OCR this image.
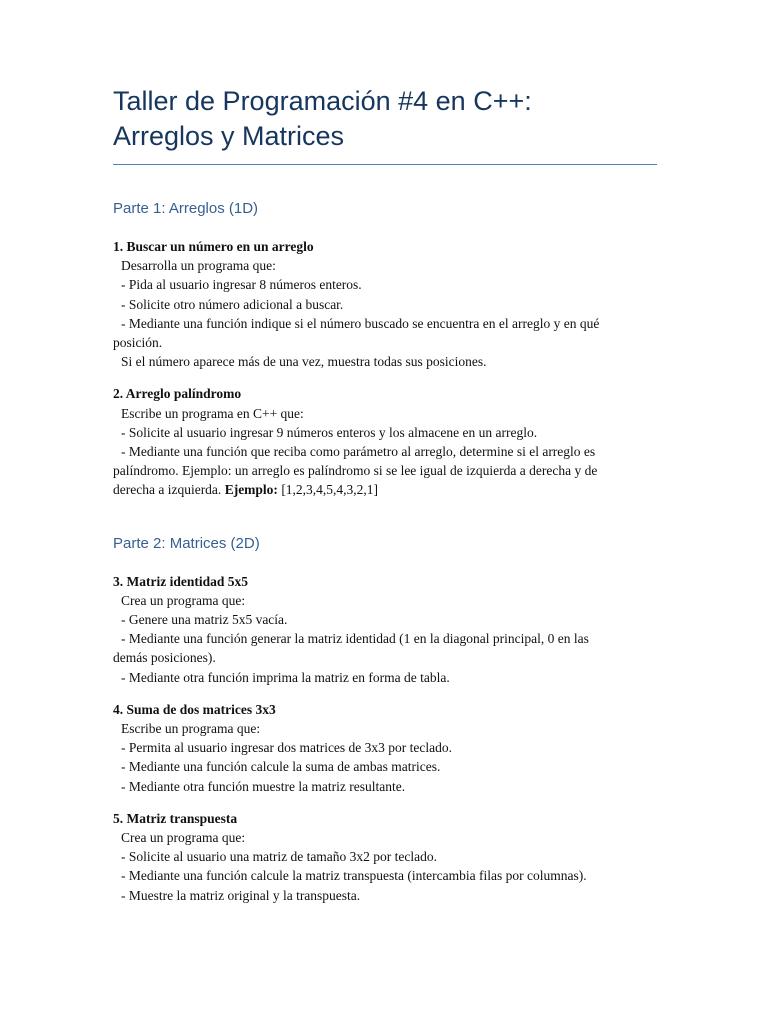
Taller de Programación #4 en C++:
Arreglos y Matrices
Parte 1: Arreglos (1D)
1. Buscar un número en un arreglo
Desarrolla un programa que:
- Pida al usuario ingresar 8 números enteros.
- Solicite otro número adicional a buscar.
- Mediante una función indique si el número buscado se encuentra en el arreglo y en qué
posición.
Si el número aparece más de una vez, muestra todas sus posiciones.
2. Arreglo palíndromo
Escribe un programa en C++ que:
- Solicite al usuario ingresar 9 números enteros y los almacene en un arreglo.
- Mediante una función que reciba como parámetro al arreglo, determine si el arreglo es
palíndromo. Ejemplo: un arreglo es palíndromo si se lee igual de izquierda a derecha y de
derecha a izquierda. Ejemplo: [1,2,3,4,5,4,3,2,1]
Parte 2: Matrices (2D)
3. Matriz identidad 5x5
Crea un programa que:
- Genere una matriz 5x5 vacía.
- Mediante una función generar la matriz identidad (1 en la diagonal principal, 0 en las
demás posiciones).
- Mediante otra función imprima la matriz en forma de tabla.
4. Suma de dos matrices 3x3
Escribe un programa que:
- Permita al usuario ingresar dos matrices de 3x3 por teclado.
- Mediante una función calcule la suma de ambas matrices.
- Mediante otra función muestre la matriz resultante.
5. Matriz transpuesta
Crea un programa que:
- Solicite al usuario una matriz de tamaño 3x2 por teclado.
- Mediante una función calcule la matriz transpuesta (intercambia filas por columnas).
- Muestre la matriz original y la transpuesta.
